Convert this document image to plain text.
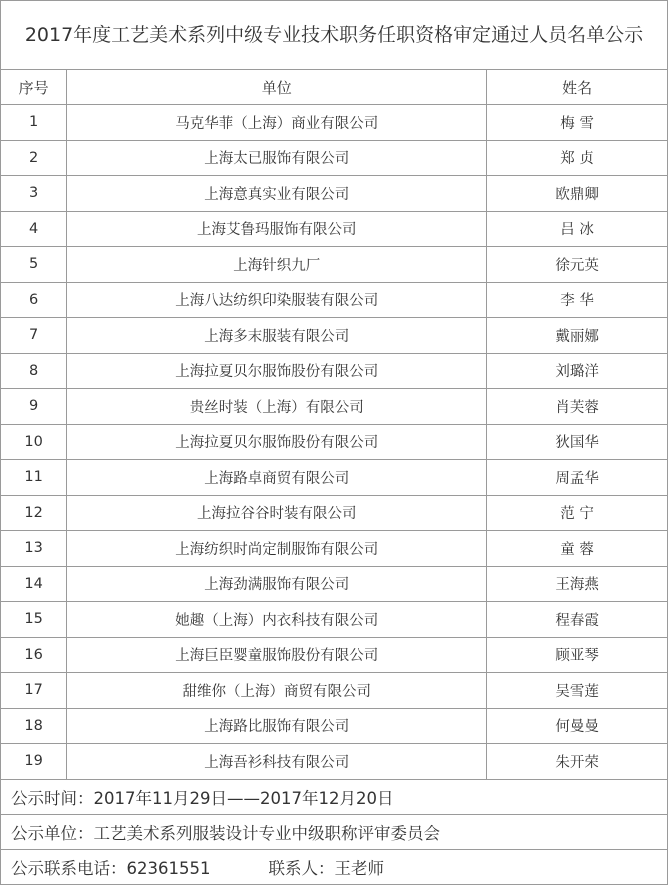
2017年度工艺美术系列中级专业技术职务任职资格审定通过人员名单公示		
序号	单位	姓名
1	马克华菲（上海）商业有限公司	梅 雪
2	上海太已服饰有限公司	郑 贞
3	上海意真实业有限公司	欧鼎卿
4	上海艾鲁玛服饰有限公司	吕 冰
5	上海针织九厂	徐元英
6	上海八达纺织印染服装有限公司	李 华
7	上海多末服装有限公司	戴丽娜
8	上海拉夏贝尔服饰股份有限公司	刘璐洋
9	贵丝时装（上海）有限公司	肖芙蓉
10	上海拉夏贝尔服饰股份有限公司	狄国华
11	上海路卓商贸有限公司	周孟华
12	上海拉谷谷时装有限公司	范 宁
13	上海纺织时尚定制服饰有限公司	童 蓉
14	上海劲满服饰有限公司	王海燕
15	她趣（上海）内衣科技有限公司	程春霞
16	上海巨臣婴童服饰股份有限公司	顾亚琴
17	甜维你（上海）商贸有限公司	吴雪莲
18	上海路比服饰有限公司	何曼曼
19	上海吾衫科技有限公司	朱开荣
公示时间：2017年11月29日——2017年12月20日		
公示单位：工艺美术系列服装设计专业中级职称评审委员会		
公示联系电话：62361551 联系人：王老师		
